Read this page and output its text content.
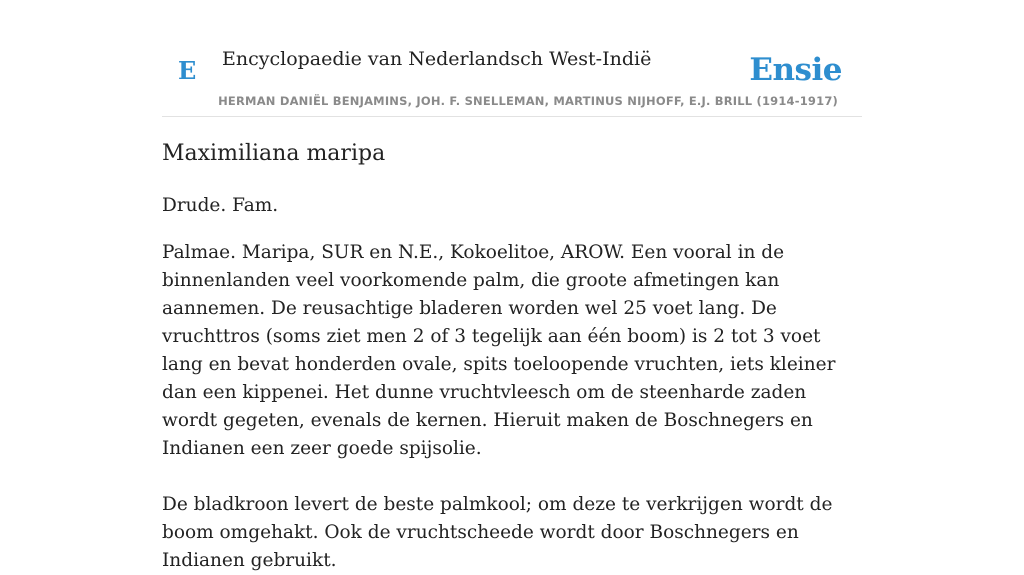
E Encyclopaedie van Nederlandsch West-Indië	Ensie
HERMAN DANIËL BENJAMINS, JOH. F. SNELLEMAN, MARTINUS NIJHOFF, E.J. BRILL (1914-1917)
Maximiliana maripa

Drude. Fam.

Palmae. Maripa, SUR en N.E., Kokoelitoe, AROW. Een vooral in de binnenlanden veel voorkomende palm, die groote afmetingen kan aannemen. De reusachtige bladeren worden wel 25 voet lang. De vruchttros (soms ziet men 2 of 3 tegelijk aan één boom) is 2 tot 3 voet lang en bevat honderden ovale, spits toeloopende vruchten, iets kleiner dan een kippenei. Het dunne vruchtvleesch om de steenharde zaden wordt gegeten, evenals de kernen. Hieruit maken de Boschnegers en Indianen een zeer goede spijsolie.

De bladkroon levert de beste palmkool; om deze te verkrijgen wordt de boom omgehakt. Ook de vruchtscheede wordt door Boschnegers en Indianen gebruikt.
